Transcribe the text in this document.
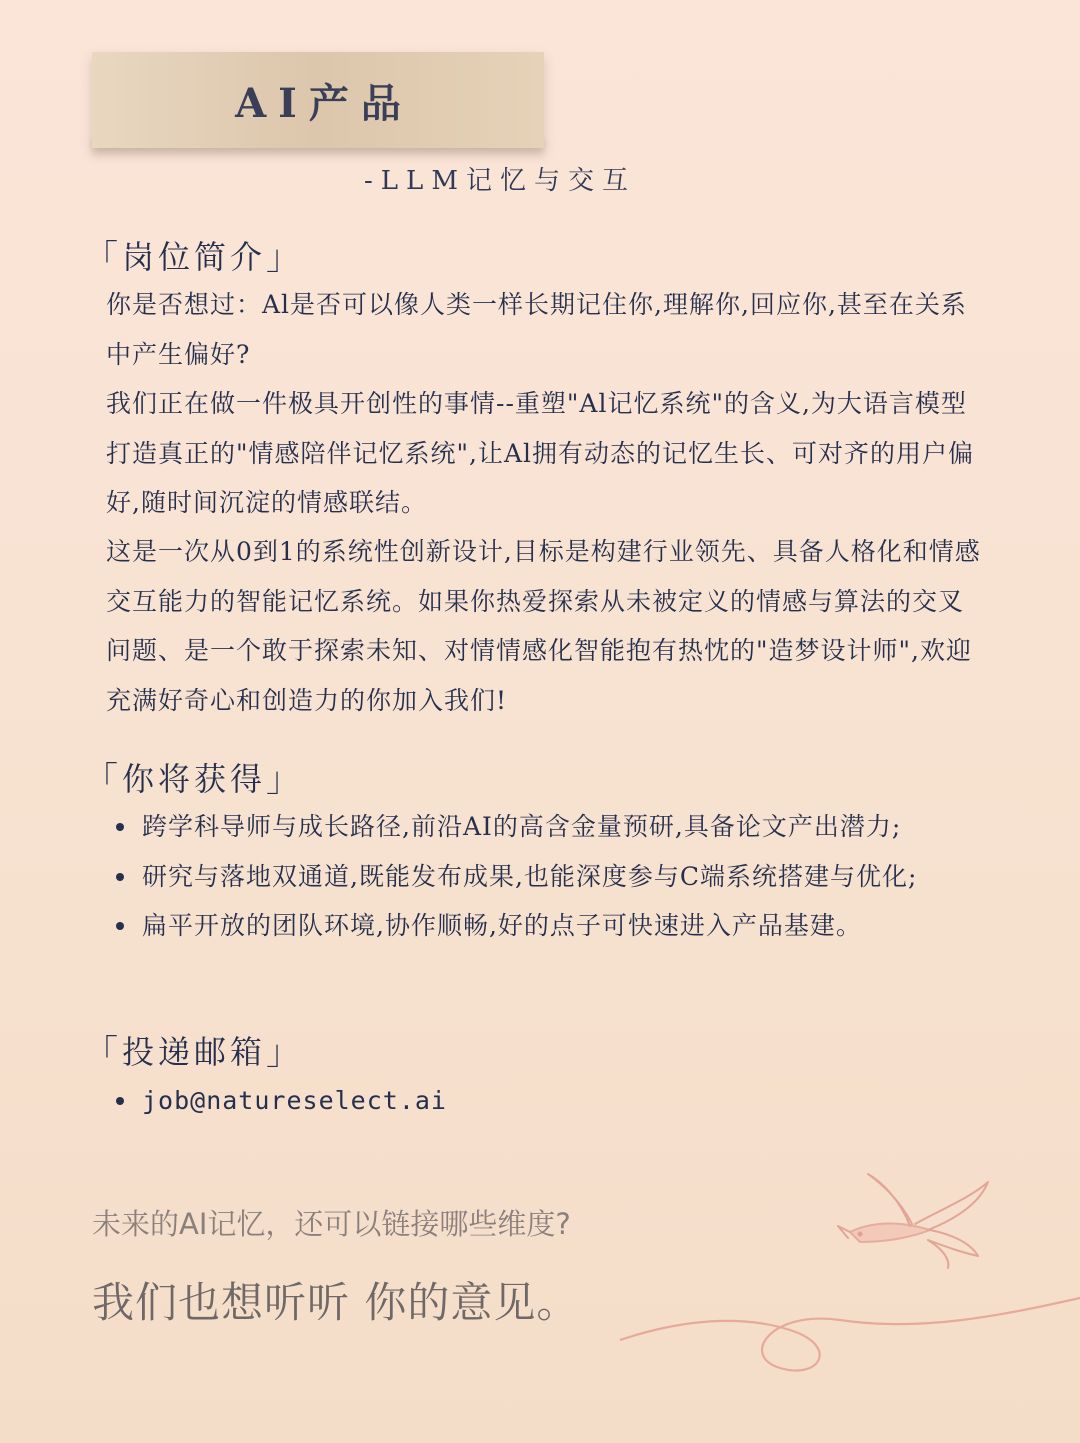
AI产品
-LLM记忆与交互
「 岗位简介 」

你是否想过：Al是否可以像人类一样长期记住你,理解你,回应你,甚至在关系中产生偏好?

我们正在做一件极具开创性的事情--重塑"Al记忆系统"的含义,为大语言模型打造真正的"情感陪伴记忆系统",让Al拥有动态的记忆生长、可对齐的用户偏好,随时间沉淀的情感联结。

这是一次从0到1的系统性创新设计,目标是构建行业领先、具备人格化和情感交互能力的智能记忆系统。如果你热爱探索从未被定义的情感与算法的交叉问题、是一个敢于探索未知、对情情感化智能抱有热忱的"造梦设计师",欢迎充满好奇心和创造力的你加入我们!

「 你将获得 」
跨学科导师与成长路径,前沿AI的高含金量预研,具备论文产出潜力;
研究与落地双通道,既能发布成果,也能深度参与C端系统搭建与优化;
扁平开放的团队环境,协作顺畅,好的点子可快速进入产品基建。
「 投递邮箱 」
job@natureselect.ai
未来的AI记忆，还可以链接哪些维度?
我们也想听听 你的意见。
